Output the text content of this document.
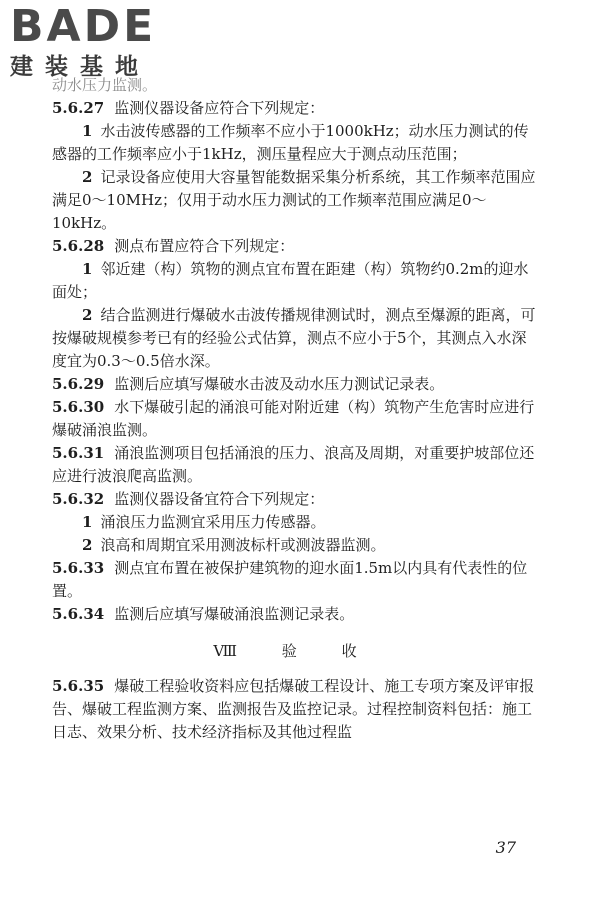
BADE
建装基地
动水压力监测。

5.6.27 监测仪器设备应符合下列规定：

1 水击波传感器的工作频率不应小于1000kHz；动水压力测试的传感器的工作频率应小于1kHz，测压量程应大于测点动压范围；

2 记录设备应使用大容量智能数据采集分析系统，其工作频率范围应满足0～10MHz；仅用于动水压力测试的工作频率范围应满足0～10kHz。

5.6.28 测点布置应符合下列规定：

1 邻近建（构）筑物的测点宜布置在距建（构）筑物约0.2m的迎水面处；

2 结合监测进行爆破水击波传播规律测试时，测点至爆源的距离，可按爆破规模参考已有的经验公式估算，测点不应小于5个，其测点入水深度宜为0.3～0.5倍水深。

5.6.29 监测后应填写爆破水击波及动水压力测试记录表。

5.6.30 水下爆破引起的涌浪可能对附近建（构）筑物产生危害时应进行爆破涌浪监测。

5.6.31 涌浪监测项目包括涌浪的压力、浪高及周期，对重要护坡部位还应进行波浪爬高监测。

5.6.32 监测仪器设备宜符合下列规定：

1 涌浪压力监测宜采用压力传感器。

2 浪高和周期宜采用测波标杆或测波器监测。

5.6.33 测点宜布置在被保护建筑物的迎水面1.5m以内具有代表性的位置。

5.6.34 监测后应填写爆破涌浪监测记录表。

Ⅷ 验 收

5.6.35 爆破工程验收资料应包括爆破工程设计、施工专项方案及评审报告、爆破工程监测方案、监测报告及监控记录。过程控制资料包括：施工日志、效果分析、技术经济指标及其他过程监

37
